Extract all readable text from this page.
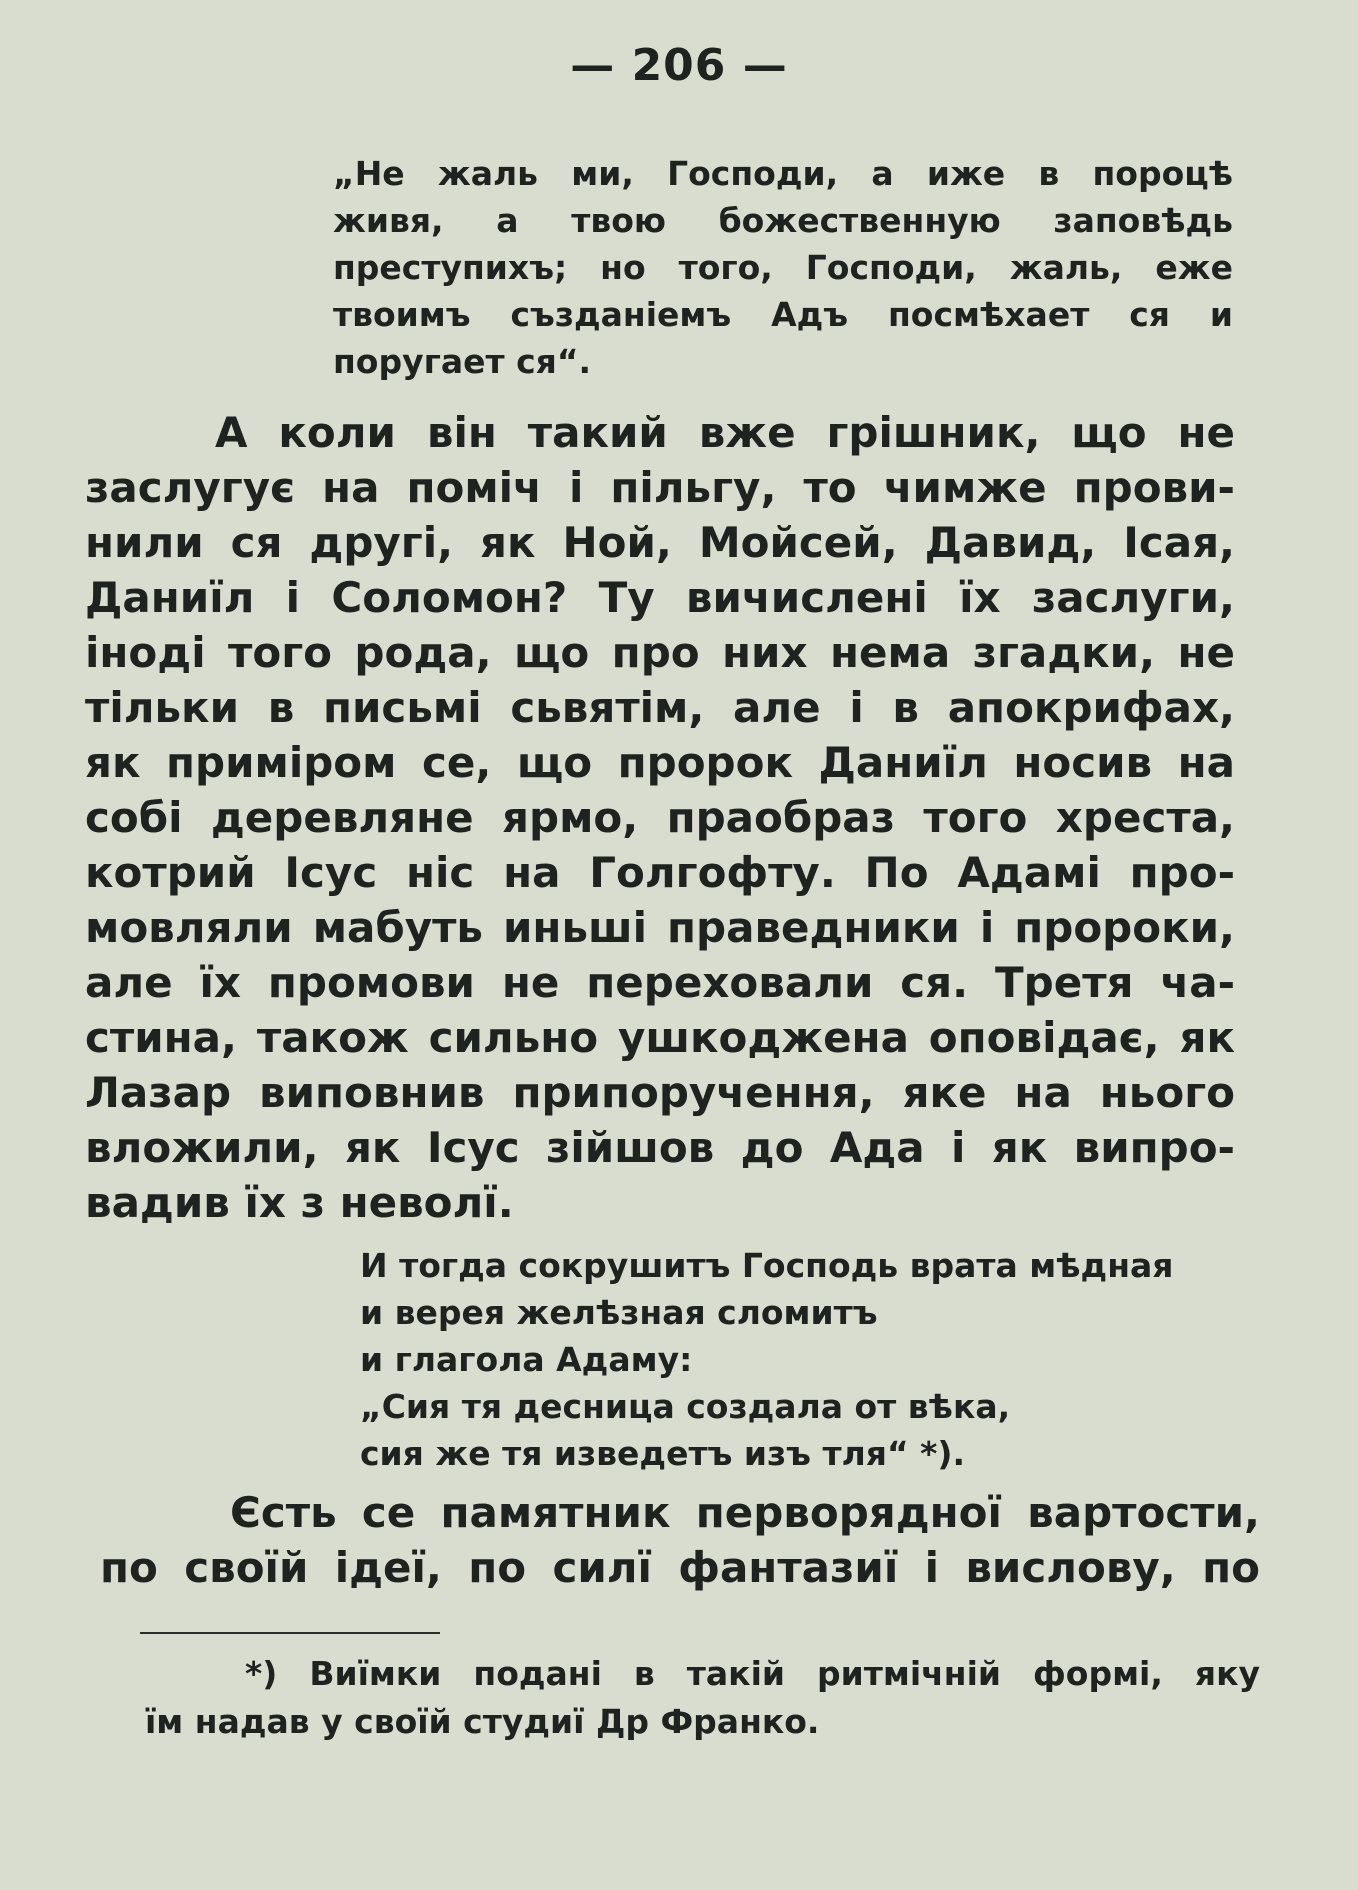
— 206 —
„Не жаль ми, Господи, а иже в пороцѣ
живя, а твою божественную заповѣдь
преступихъ; но того, Господи, жаль, еже
твоимъ създаніемъ Адъ посмѣхает ся и
поругает ся“.
А коли він такий вже грішник, що не
заслугує на поміч і пільгу, то чимже прови-
нили ся другі, як Ной, Мойсей, Давид, Ісая,
Даниїл і Соломон? Ту вичислені їх заслуги,
іноді того рода, що про них нема згадки, не
тільки в письмі сьвятім, але і в апокрифах,
як приміром се, що пророк Даниїл носив на
собі деревляне ярмо, праобраз того хреста,
котрий Ісус ніс на Голгофту. По Адамі про-
мовляли мабуть иньші праведники і пророки,
але їх промови не переховали ся. Третя ча-
стина, також сильно ушкоджена оповідає, як
Лазар виповнив припоручення, яке на нього
вложили, як Ісус зійшов до Ада і як випро-
вадив їх з неволї.
И тогда сокрушитъ Господь врата мѣдная
и верея желѣзная сломитъ
и глагола Адаму:
„Сия тя десница создала от вѣка,
сия же тя изведетъ изъ тля“ *).
Єсть се памятник перворядної вартости,
по своїй ідеї, по силї фантазиї і вислову, по
*) Виїмки подані в такій ритмічній формі, яку
їм надав у своїй студиї Др Франко.
